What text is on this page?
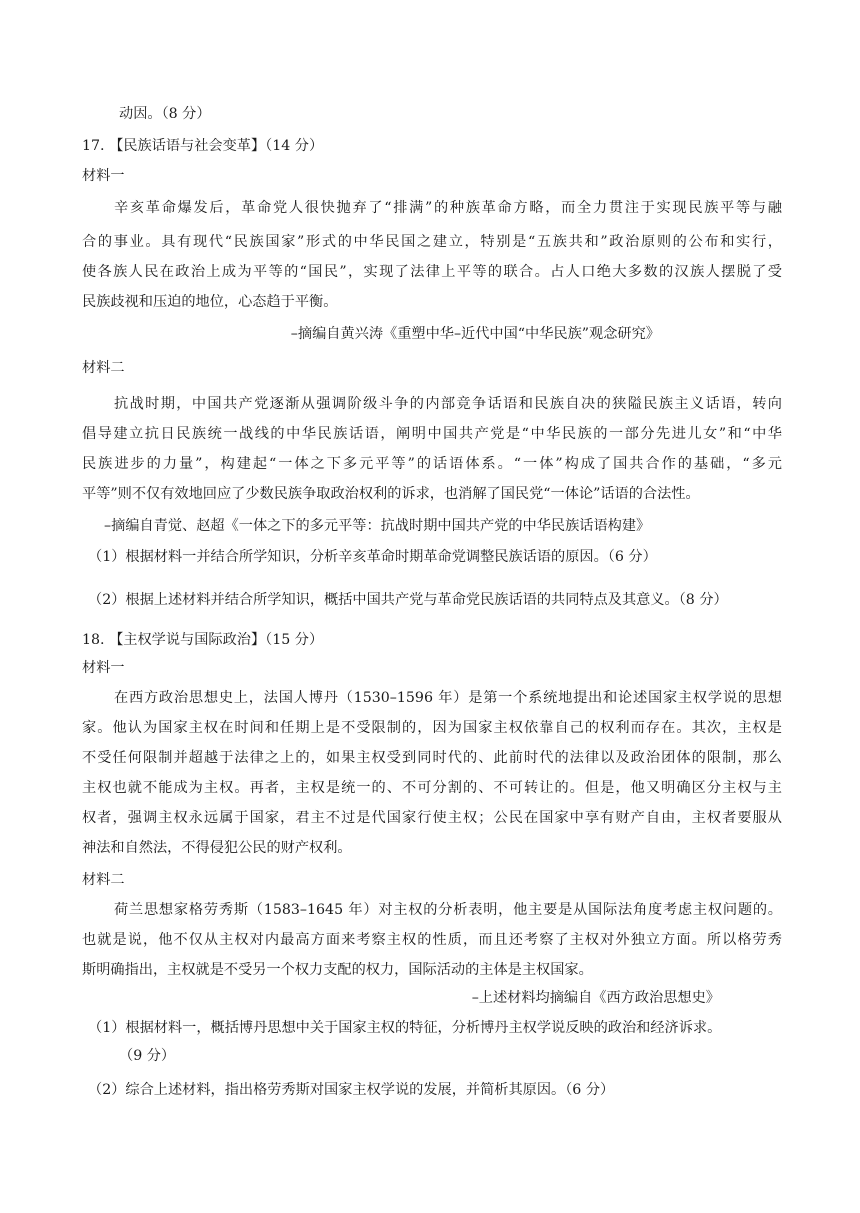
动因。（8 分）
17. 【民族话语与社会变革】（14 分）
材料一
辛亥革命爆发后，革命党人很快抛弃了“排满”的种族革命方略，而全力贯注于实现民族平等与融
合的事业。具有现代“民族国家”形式的中华民国之建立，特别是“五族共和”政治原则的公布和实行，
使各族人民在政治上成为平等的“国民”，实现了法律上平等的联合。占人口绝大多数的汉族人摆脱了受
民族歧视和压迫的地位，心态趋于平衡。
–摘编自黄兴涛《重塑中华–近代中国“中华民族”观念研究》
材料二
抗战时期，中国共产党逐渐从强调阶级斗争的内部竞争话语和民族自决的狭隘民族主义话语，转向
倡导建立抗日民族统一战线的中华民族话语，阐明中国共产党是“中华民族的一部分先进儿女”和“中华
民族进步的力量”，构建起“一体之下多元平等”的话语体系。“一体”构成了国共合作的基础，“多元
平等”则不仅有效地回应了少数民族争取政治权利的诉求，也消解了国民党“一体论”话语的合法性。
–摘编自青觉、赵超《一体之下的多元平等：抗战时期中国共产党的中华民族话语构建》
（1）根据材料一并结合所学知识，分析辛亥革命时期革命党调整民族话语的原因。（6 分）
（2）根据上述材料并结合所学知识，概括中国共产党与革命党民族话语的共同特点及其意义。（8 分）
18. 【主权学说与国际政治】（15 分）
材料一
在西方政治思想史上，法国人博丹（1530–1596 年）是第一个系统地提出和论述国家主权学说的思想
家。他认为国家主权在时间和任期上是不受限制的，因为国家主权依靠自己的权利而存在。其次，主权是
不受任何限制并超越于法律之上的，如果主权受到同时代的、此前时代的法律以及政治团体的限制，那么
主权也就不能成为主权。再者，主权是统一的、不可分割的、不可转让的。但是，他又明确区分主权与主
权者，强调主权永远属于国家，君主不过是代国家行使主权；公民在国家中享有财产自由，主权者要服从
神法和自然法，不得侵犯公民的财产权利。
材料二
荷兰思想家格劳秀斯（1583–1645 年）对主权的分析表明，他主要是从国际法角度考虑主权问题的。
也就是说，他不仅从主权对内最高方面来考察主权的性质，而且还考察了主权对外独立方面。所以格劳秀
斯明确指出，主权就是不受另一个权力支配的权力，国际活动的主体是主权国家。
–上述材料均摘编自《西方政治思想史》
（1）根据材料一，概括博丹思想中关于国家主权的特征，分析博丹主权学说反映的政治和经济诉求。
（9 分）
（2）综合上述材料，指出格劳秀斯对国家主权学说的发展，并简析其原因。（6 分）
